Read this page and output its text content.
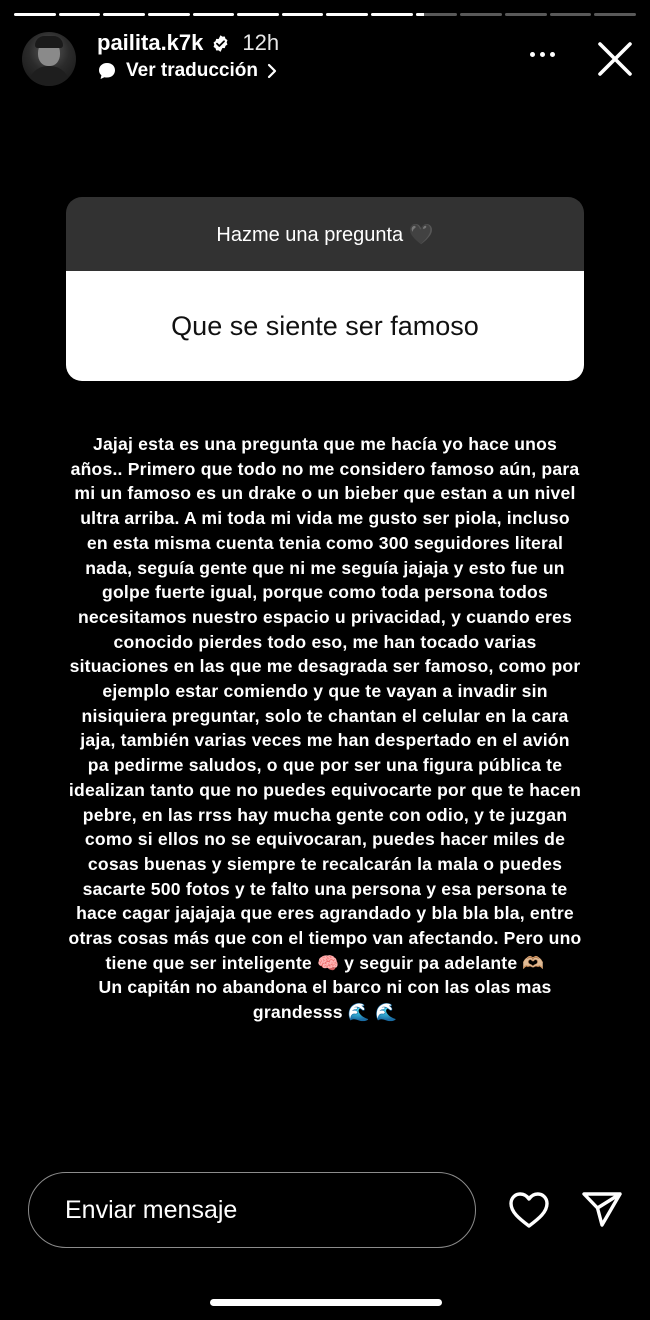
pailita.k7k 12h
Ver traducción
Hazme una pregunta 🖤
Que se siente ser famoso

Jajaj esta es una pregunta que me hacía yo hace unos

años.. Primero que todo no me considero famoso aún, para

mi un famoso es un drake o un bieber que estan a un nivel

ultra arriba. A mi toda mi vida me gusto ser piola, incluso

en esta misma cuenta tenia como 300 seguidores literal

nada, seguía gente que ni me seguía jajaja y esto fue un

golpe fuerte igual, porque como toda persona todos

necesitamos nuestro espacio u privacidad, y cuando eres

conocido pierdes todo eso, me han tocado varias

situaciones en las que me desagrada ser famoso, como por

ejemplo estar comiendo y que te vayan a invadir sin

nisiquiera preguntar, solo te chantan el celular en la cara

jaja, también varias veces me han despertado en el avión

pa pedirme saludos, o que por ser una figura pública te

idealizan tanto que no puedes equivocarte por que te hacen

pebre, en las rrss hay mucha gente con odio, y te juzgan

como si ellos no se equivocaran, puedes hacer miles de

cosas buenas y siempre te recalcarán la mala o puedes

sacarte 500 fotos y te falto una persona y esa persona te

hace cagar jajajaja que eres agrandado y bla bla bla, entre

otras cosas más que con el tiempo van afectando. Pero uno

tiene que ser inteligente 🧠 y seguir pa adelante 🫶🏼

Un capitán no abandona el barco ni con las olas mas

grandesss 🌊 🌊

Enviar mensaje
